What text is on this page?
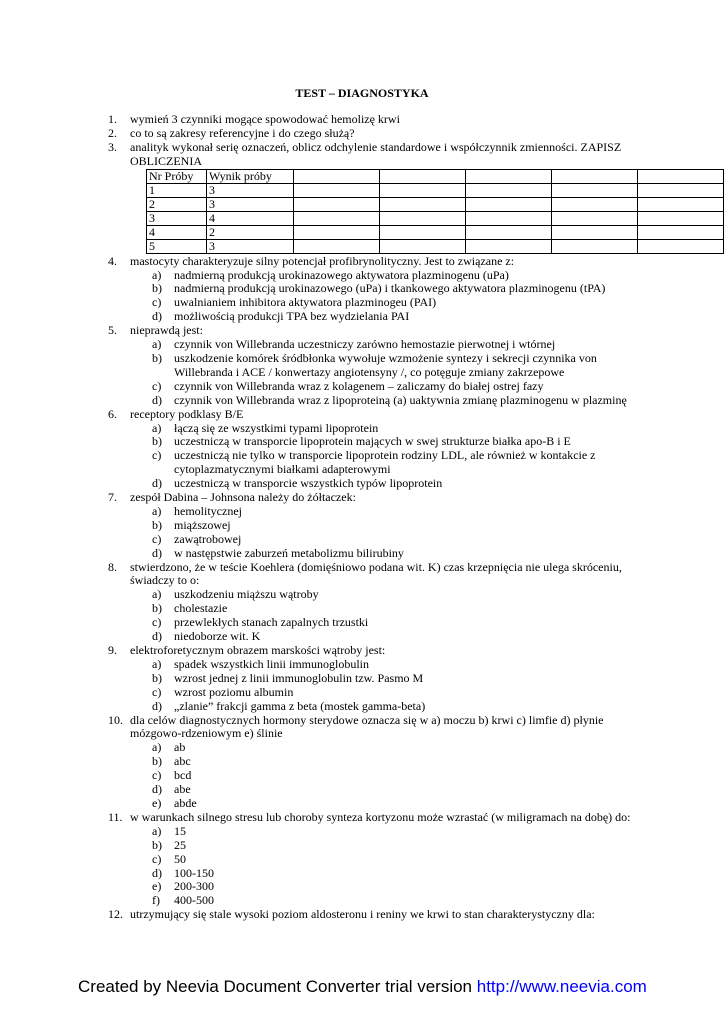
TEST – DIAGNOSTYKA
1. wymień 3 czynniki mogące spowodować hemolizę krwi
2. co to są zakresy referencyjne i do czego służą?
3. analityk wykonał serię oznaczeń, oblicz odchylenie standardowe i współczynnik zmienności. ZAPISZ OBLICZENIA
Nr Próby	Wynik próby					
1	3					
2	3					
3	4					
4	2					
5	3					
4. mastocyty charakteryzuje silny potencjał profibrynolityczny. Jest to związane z:
a) nadmierną produkcją urokinazowego aktywatora plazminogenu (uPa)
b) nadmierną produkcją urokinazowego (uPa) i tkankowego aktywatora plazminogenu (tPA)
c) uwalnianiem inhibitora aktywatora plazminogeu (PAI)
d) możliwością produkcji TPA bez wydzielania PAI
5. nieprawdą jest:
a) czynnik von Willebranda uczestniczy zarówno hemostazie pierwotnej i wtórnej
b) uszkodzenie komórek śródbłonka wywołuje wzmożenie syntezy i sekrecji czynnika von Willebranda i ACE / konwertazy angiotensyny /, co potęguje zmiany zakrzepowe
c) czynnik von Willebranda wraz z kolagenem – zaliczamy do białej ostrej fazy
d) czynnik von Willebranda wraz z lipoproteiną (a) uaktywnia zmianę plazminogenu w plazminę
6. receptory podklasy B/E
a) łączą się ze wszystkimi typami lipoprotein
b) uczestniczą w transporcie lipoprotein mających w swej strukturze białka apo-B i E
c) uczestniczą nie tylko w transporcie lipoprotein rodziny LDL, ale również w kontakcie z cytoplazmatycznymi białkami adapterowymi
d) uczestniczą w transporcie wszystkich typów lipoprotein
7. zespół Dabina – Johnsona należy do żółtaczek:
a) hemolitycznej
b) miąższowej
c) zawątrobowej
d) w następstwie zaburzeń metabolizmu bilirubiny
8. stwierdzono, że w teście Koehlera (domięśniowo podana wit. K) czas krzepnięcia nie ulega skróceniu, świadczy to o:
a) uszkodzeniu miąższu wątroby
b) cholestazie
c) przewlekłych stanach zapalnych trzustki
d) niedoborze wit. K
9. elektroforetycznym obrazem marskości wątroby jest:
a) spadek wszystkich linii immunoglobulin
b) wzrost jednej z linii immunoglobulin tzw. Pasmo M
c) wzrost poziomu albumin
d) „zlanie” frakcji gamma z beta (mostek gamma-beta)
10. dla celów diagnostycznych hormony sterydowe oznacza się w a) moczu b) krwi c) limfie d) płynie mózgowo-rdzeniowym e) ślinie
a) ab
b) abc
c) bcd
d) abe
e) abde
11. w warunkach silnego stresu lub choroby synteza kortyzonu może wzrastać (w miligramach na dobę) do:
a) 15
b) 25
c) 50
d) 100-150
e) 200-300
f) 400-500
12. utrzymujący się stale wysoki poziom aldosteronu i reniny we krwi to stan charakterystyczny dla:
Created by Neevia Document Converter trial version http://www.neevia.com
